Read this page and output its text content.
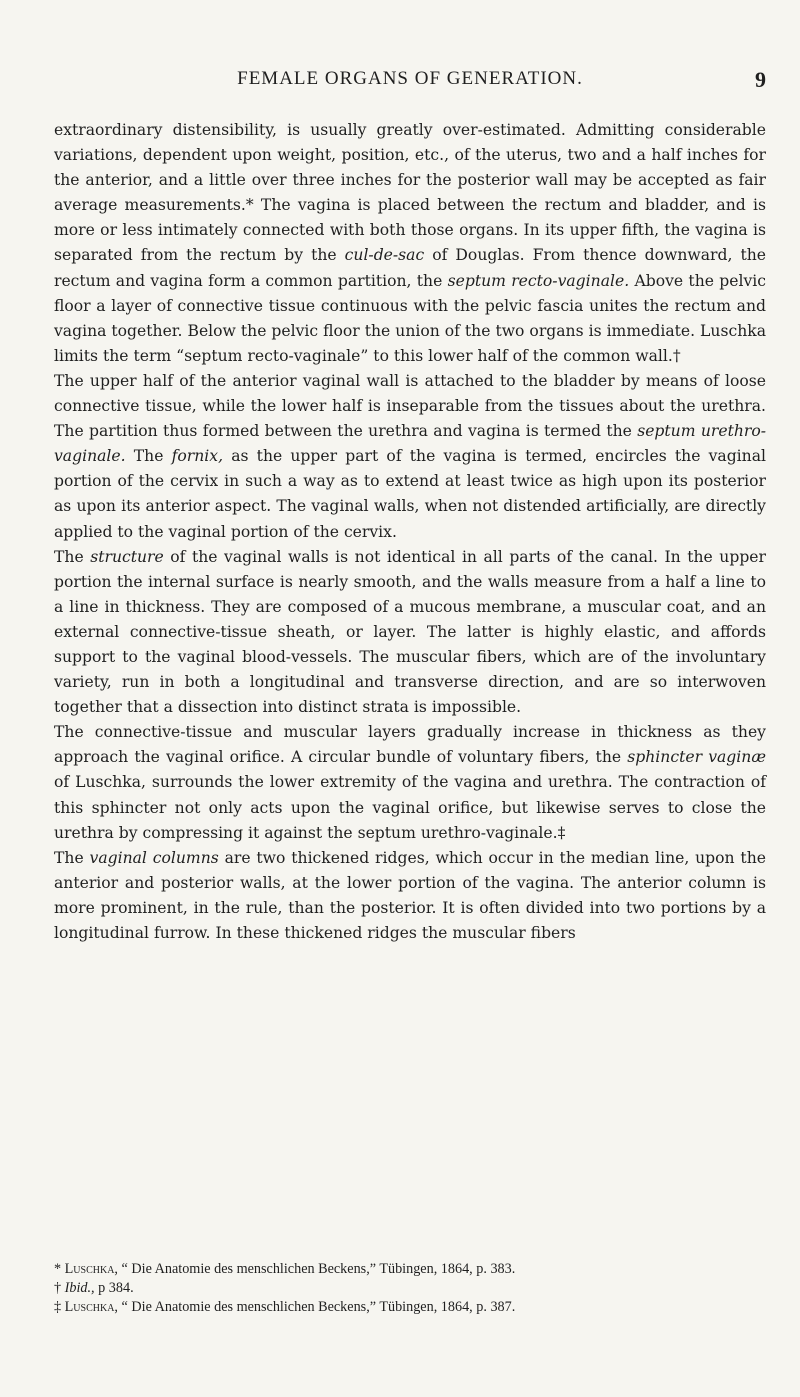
FEMALE ORGANS OF GENERATION.	9

extraordinary distensibility, is usually greatly over-estimated. Admitting considerable variations, dependent upon weight, position, etc., of the uterus, two and a half inches for the anterior, and a little over three inches for the posterior wall may be accepted as fair average measurements.* The vagina is placed between the rectum and bladder, and is more or less intimately connected with both those organs. In its upper fifth, the vagina is separated from the rectum by the cul-de-sac of Douglas. From thence downward, the rectum and vagina form a common partition, the septum recto-vaginale. Above the pelvic floor a layer of connective tissue continuous with the pelvic fascia unites the rectum and vagina together. Below the pelvic floor the union of the two organs is immediate. Luschka limits the term “septum recto-vaginale” to this lower half of the common wall.†

The upper half of the anterior vaginal wall is attached to the bladder by means of loose connective tissue, while the lower half is inseparable from the tissues about the urethra. The partition thus formed between the urethra and vagina is termed the septum urethro-vaginale. The fornix, as the upper part of the vagina is termed, encircles the vaginal portion of the cervix in such a way as to extend at least twice as high upon its posterior as upon its anterior aspect. The vaginal walls, when not distended artificially, are directly applied to the vaginal portion of the cervix.

The structure of the vaginal walls is not identical in all parts of the canal. In the upper portion the internal surface is nearly smooth, and the walls measure from a half a line to a line in thickness. They are composed of a mucous membrane, a muscular coat, and an external connective-tissue sheath, or layer. The latter is highly elastic, and affords support to the vaginal blood-vessels. The muscular fibers, which are of the involuntary variety, run in both a longitudinal and transverse direction, and are so interwoven together that a dissection into distinct strata is impossible.

The connective-tissue and muscular layers gradually increase in thickness as they approach the vaginal orifice. A circular bundle of voluntary fibers, the sphincter vaginæ of Luschka, surrounds the lower extremity of the vagina and urethra. The contraction of this sphincter not only acts upon the vaginal orifice, but likewise serves to close the urethra by compressing it against the septum urethro-vaginale.‡

The vaginal columns are two thickened ridges, which occur in the median line, upon the anterior and posterior walls, at the lower portion of the vagina. The anterior column is more prominent, in the rule, than the posterior. It is often divided into two portions by a longitudinal furrow. In these thickened ridges the muscular fibers

* Luschka, “ Die Anatomie des menschlichen Beckens,” Tübingen, 1864, p. 383.

† Ibid., p 384.

‡ Luschka, “ Die Anatomie des menschlichen Beckens,” Tübingen, 1864, p. 387.
